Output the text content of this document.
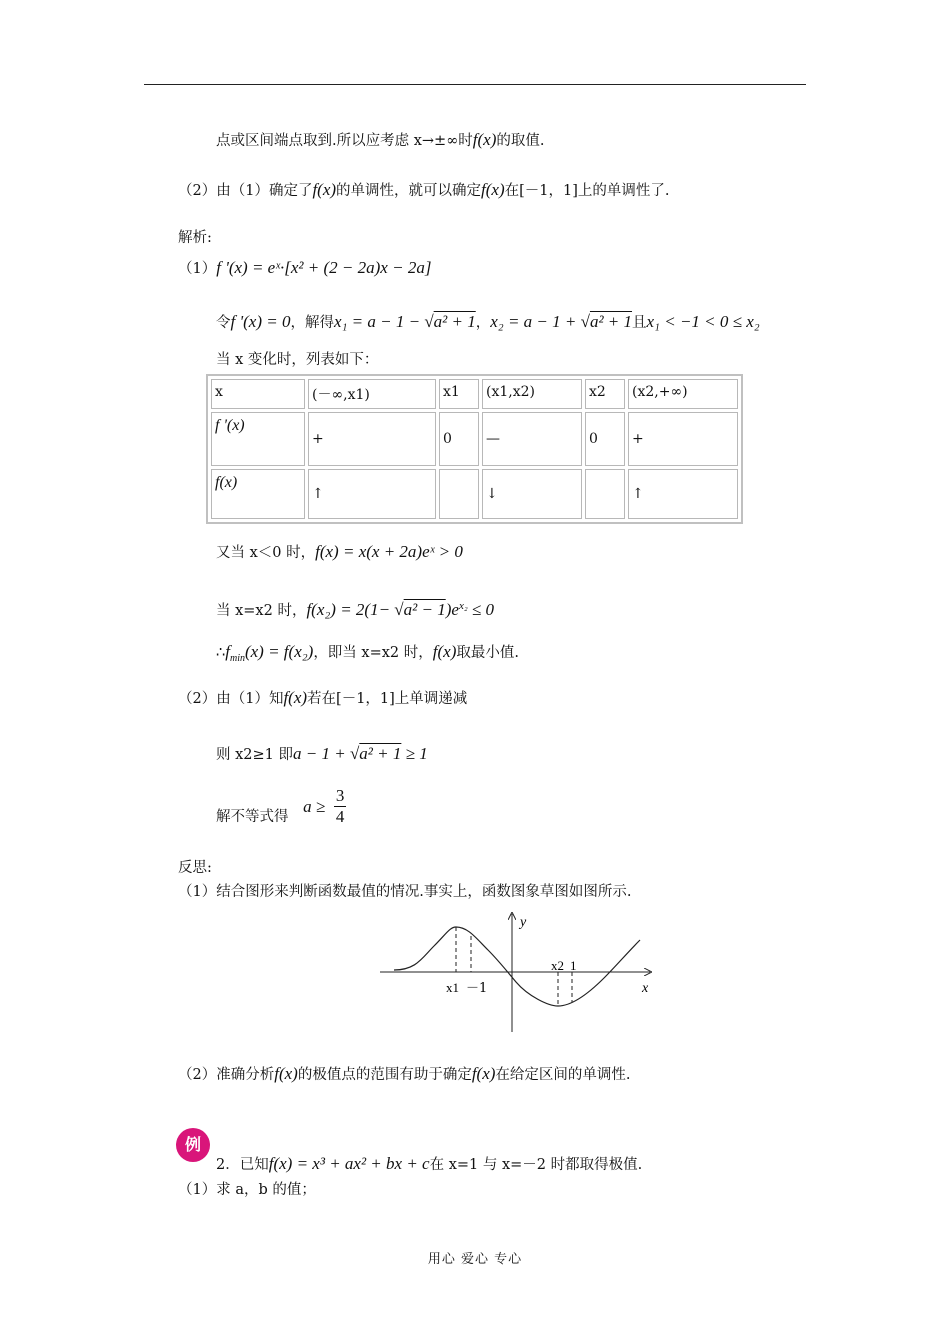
点或区间端点取到.所以应考虑 x→±∞时f(x)的取值.
（2）由（1）确定了f(x)的单调性，就可以确定f(x)在[－1，1]上的单调性了.
解析:
（1）f '(x) = eˣ·[x² + (2 − 2a)x − 2a]
令f '(x) = 0，解得x₁ = a − 1 − √a² + 1，x₂ = a − 1 + √a² + 1且x₁ < −1 < 0 ≤ x₂
当 x 变化时，列表如下：
x	(－∞,x1)	x1	(x1,x2)	x2	(x2,+∞)
f '(x)	+	0	—	0	+
f(x)	↑		↓		↑
又当 x＜0 时，f(x) = x(x + 2a)eˣ > 0
当 x=x2 时，$f(x_2) = 2(1- √a^2 - 1)e^{x_2} \le 0$
$\therefore f_{min}(x) = f(x_2)$，即当 x=x2 时，f(x)取最小值.
（2）由（1）知f(x)若在[－1，1]上单调递减
则 x2≥1 即a − 1 + √a² + 1 ≥ 1
解不等式得 $a \ge \frac{3}{4}$
反思:
（1）结合图形来判断函数最值的情况.事实上，函数图象草图如图所示.
y
x
x1 －1
x2 1
（2）准确分析f(x)的极值点的范围有助于确定f(x)在给定区间的单调性.
例
2．已知f(x) = x³ + ax² + bx + c在 x=1 与 x=－2 时都取得极值.
（1）求 a，b 的值；
用心 爱心 专心
